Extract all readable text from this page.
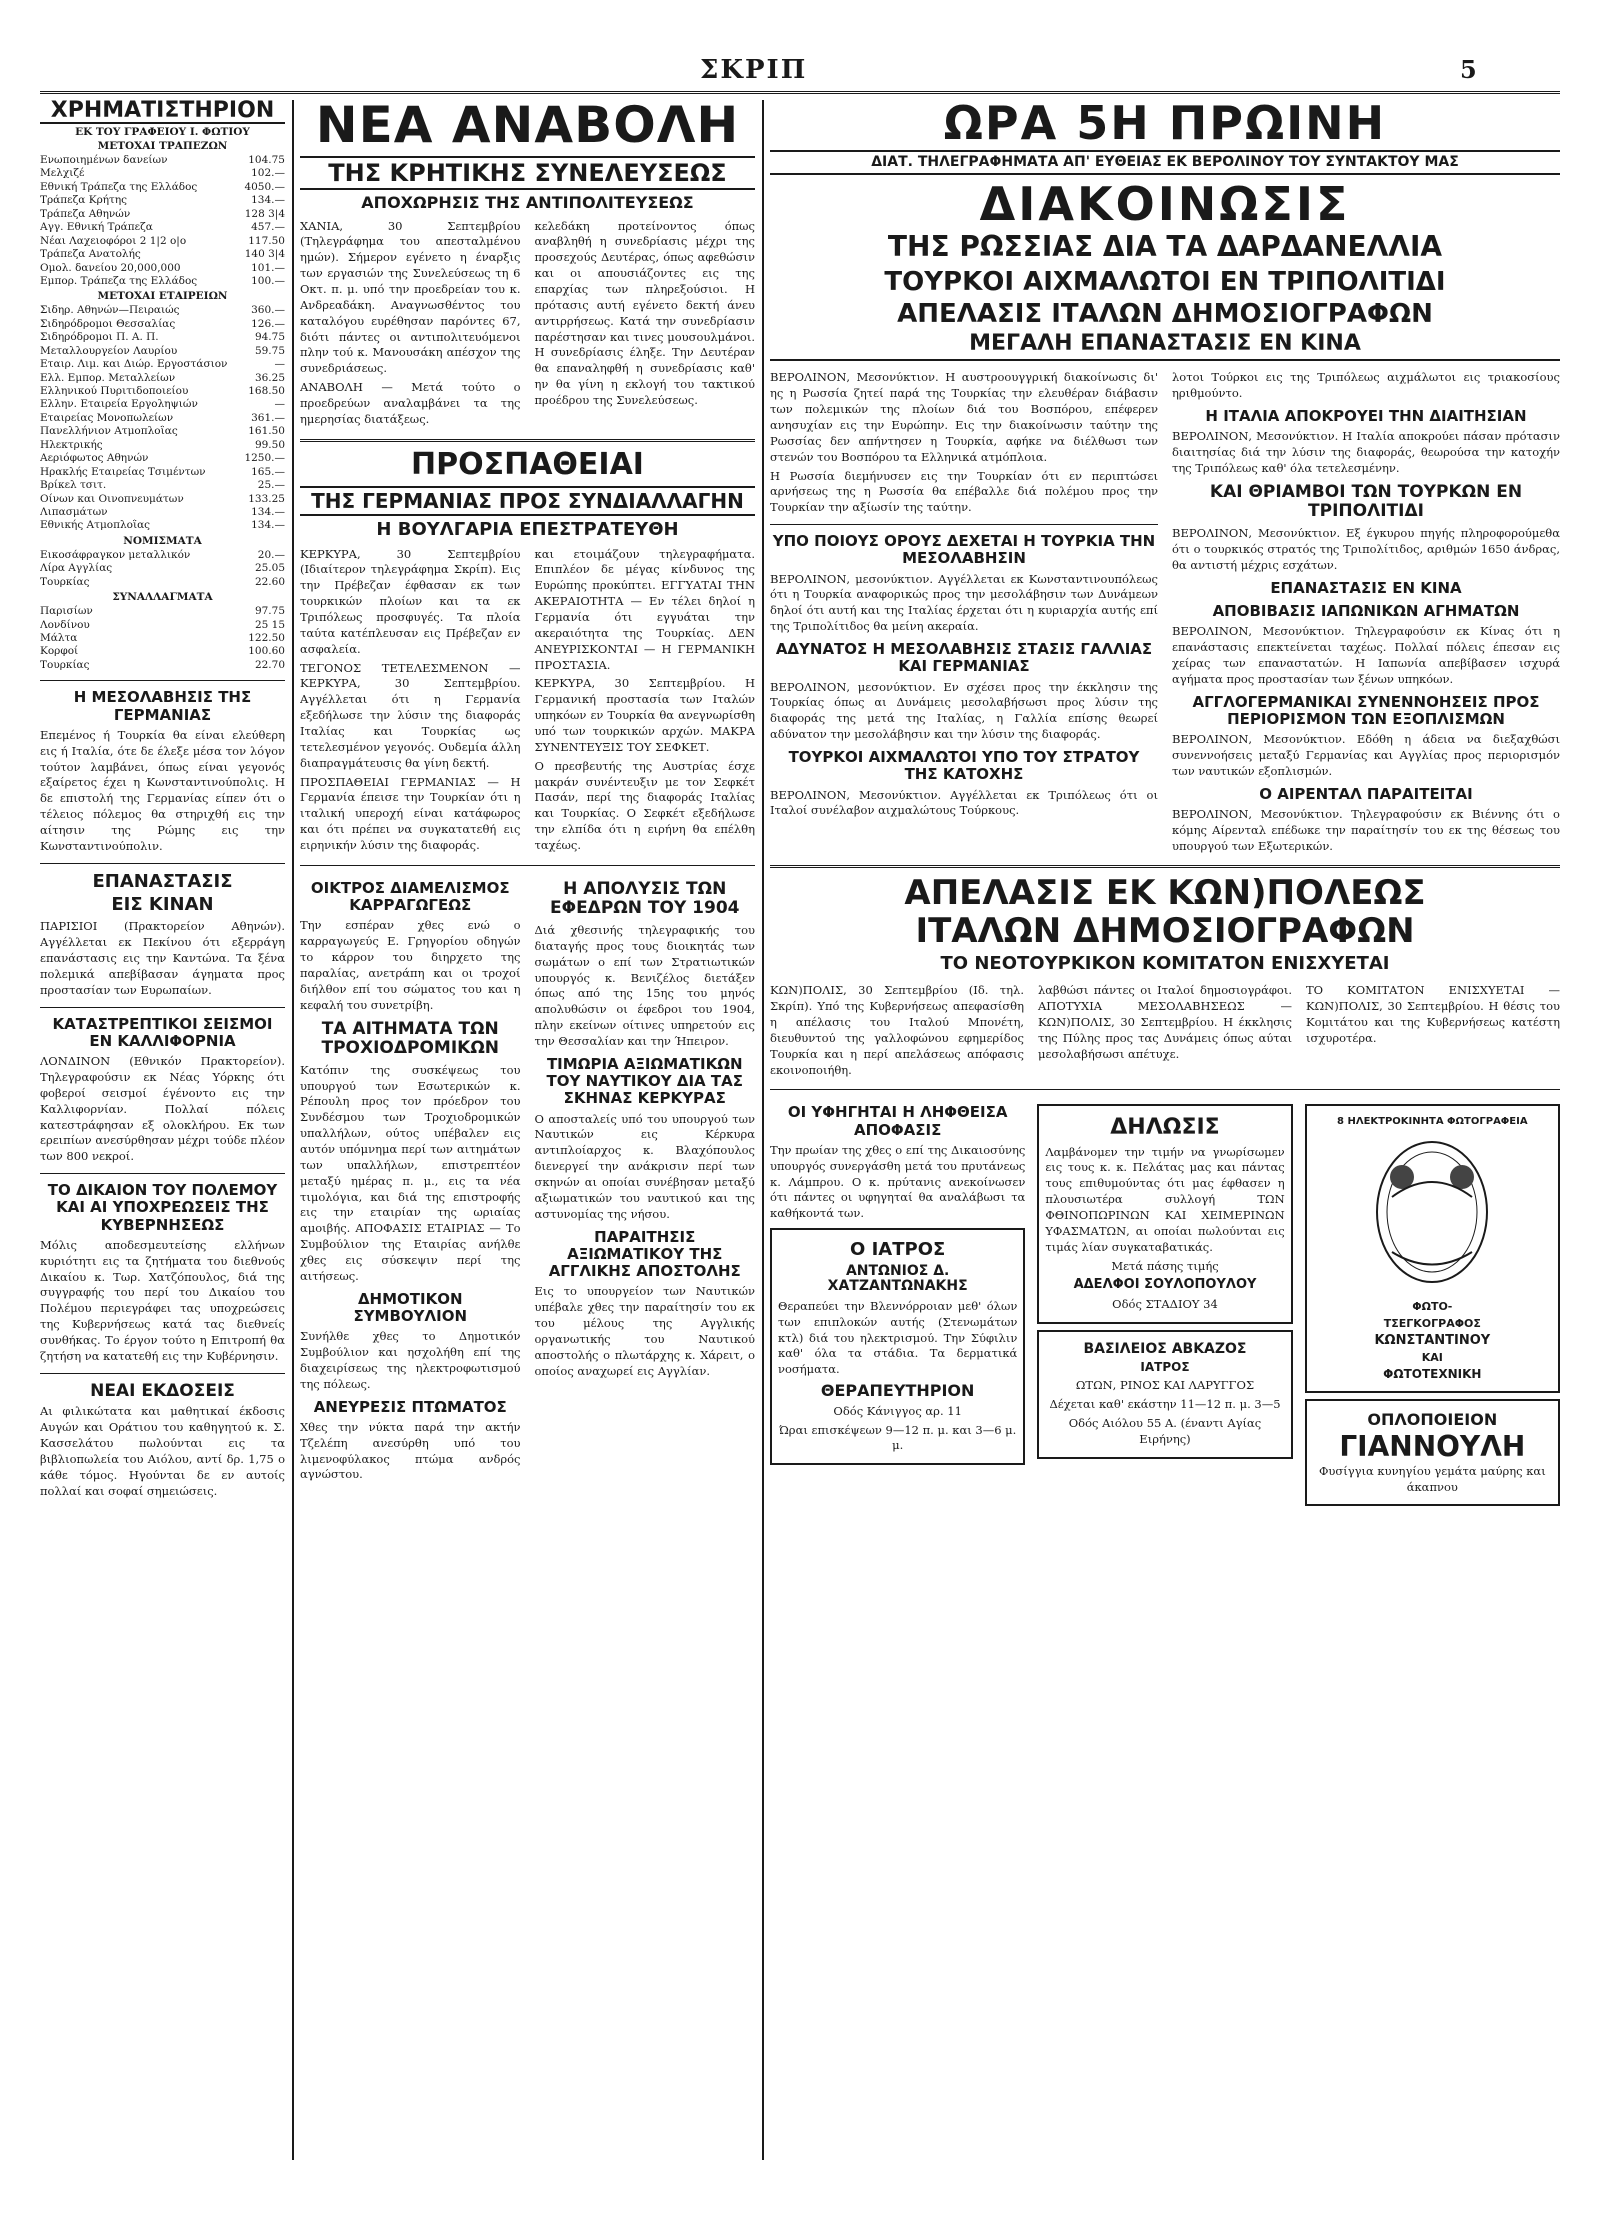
ΣΚΡΙΠ	5
ΧΡΗΜΑΤΙΣΤΗΡΙΟΝ
ΕΚ ΤΟΥ ΓΡΑΦΕΙΟΥ Ι. ΦΩΤΙΟΥ
ΜΕΤΟΧΑΙ ΤΡΑΠΕΖΩΝ
Ενωποιημένων δανείων	104.75
Μελχιζέ	102.—
Εθνική Τράπεζα της Ελλάδος	4050.—
Τράπεζα Κρήτης	134.—
Τράπεζα Αθηνών	128 3|4
Αγγ. Εθνική Τράπεζα	457.—
Νέαι Λαχειοφόροι 2 1|2 ο|ο	117.50
Τράπεζα Ανατολής	140 3|4
Ομολ. δανείου 20,000,000	101.—
Εμπορ. Τράπεζα της Ελλάδος	100.—
ΜΕΤΟΧΑΙ ΕΤΑΙΡΕΙΩΝ
Σιδηρ. Αθηνών—Πειραιώς	360.—
Σιδηρόδρομοι Θεσσαλίας	126.—
Σιδηρόδρομοι Π. Α. Π.	94.75
Μεταλλουργείον Λαυρίου	59.75
Εταιρ. Λιμ. και Διώρ. Εργοστάσιον	—
Ελλ. Εμπορ. Μεταλλείων	36.25
Ελληνικού Πυριτιδοποιείου	168.50
Ελλην. Εταιρεία Εργοληψιών	—
Εταιρείας Μονοπωλείων	361.—
Πανελλήνιον Ατμοπλοΐας	161.50
Ηλεκτρικής	99.50
Αεριόφωτος Αθηνών	1250.—
Ηρακλής Εταιρείας Τσιμέντων	165.—
Βρίκελ τσιτ.	25.—
Οίνων και Οινοπνευμάτων	133.25
Λιπασμάτων	134.—
Εθνικής Ατμοπλοΐας	134.—
ΝΟΜΙΣΜΑΤΑ
Εικοσάφραγκον μεταλλικόν	20.—
Λίρα Αγγλίας	25.05
Τουρκίας	22.60
ΣΥΝΑΛΛΑΓΜΑΤΑ
Παρισίων	97.75
Λονδίνου	25 15
Μάλτα	122.50
Κορφοί	100.60
Τουρκίας	22.70
Η ΜΕΣΟΛΑΒΗΣΙΣ ΤΗΣ ΓΕΡΜΑΝΙΑΣ

Επεμένος ή Τουρκία θα είναι ελεύθερη εις ή Ιταλία, ότε δε έλεξε μέσα τον λόγον τούτον λαμβάνει, όπως είναι γεγονός εξαίρετος έχει η Κωνσταντινούπολις. Η δε επιστολή της Γερμανίας είπεν ότι ο τέλειος πόλεμος θα στηριχθή εις την αίτησιν της Ρώμης εις την Κωνσταντινούπολιν.

ΕΠΑΝΑΣΤΑΣΙΣ
ΕΙΣ ΚΙΝΑΝ

ΠΑΡΙΣΙΟΙ (Πρακτορείον Αθηνών). Αγγέλλεται εκ Πεκίνου ότι εξερράγη επανάστασις εις την Καντώνα. Τα ξένα πολεμικά απεβίβασαν άγηματα προς προστασίαν των Ευρωπαίων.

ΚΑΤΑΣΤΡΕΠΤΙΚΟΙ ΣΕΙΣΜΟΙ ΕΝ ΚΑΛΛΙΦΟΡΝΙΑ

ΛΟΝΔΙΝΟΝ (Εθνικόν Πρακτορείον). Τηλεγραφούσιν εκ Νέας Υόρκης ότι φοβεροί σεισμοί έγένοντο εις την Καλλιφορνίαν. Πολλαί πόλεις κατεστράφησαν εξ ολοκλήρου. Εκ των ερειπίων ανεσύρθησαν μέχρι τούδε πλέον των 800 νεκροί.

ΤΟ ΔΙΚΑΙΟΝ ΤΟΥ ΠΟΛΕΜΟΥ ΚΑΙ ΑΙ ΥΠΟΧΡΕΩΣΕΙΣ ΤΗΣ ΚΥΒΕΡΝΗΣΕΩΣ

Μόλις αποδεσμευτείσης ελλήνων κυριότητι εις τα ζητήματα του διεθνούς Δικαίου κ. Τωρ. Χατζόπουλος, διά της συγγραφής του περί του Δικαίου του Πολέμου περιεγράφει τας υποχρεώσεις της Κυβερνήσεως κατά τας διεθνείς συνθήκας. Το έργον τούτο η Επιτροπή θα ζητήση να κατατεθή εις την Κυβέρνησιν.

ΝΕΑΙ ΕΚΔΟΣΕΙΣ

Αι φιλικώτατα και μαθητικαί έκδοσις Αυγών και Οράτιου του καθηγητού κ. Σ. Κασσελάτου πωλούνται εις τα βιβλιοπωλεία του Αιόλου, αντί δρ. 1,75 ο κάθε τόμος. Ηγούνται δε εν αυτοίς πολλαί και σοφαί σημειώσεις.

ΝΕΑ ΑΝΑΒΟΛΗ
ΤΗΣ ΚΡΗΤΙΚΗΣ ΣΥΝΕΛΕΥΣΕΩΣ
ΑΠΟΧΩΡΗΣΙΣ ΤΗΣ ΑΝΤΙΠΟΛΙΤΕΥΣΕΩΣ

ΧΑΝΙΑ, 30 Σεπτεμβρίου (Τηλεγράφημα του απεσταλμένου ημών). Σήμερον εγένετο η έναρξις των εργασιών της Συνελεύσεως τη 6 Οκτ. π. μ. υπό την προεδρείαν του κ. Ανδρεαδάκη. Αναγνωσθέντος του καταλόγου ευρέθησαν παρόντες 67, διότι πάντες οι αντιπολιτευόμενοι πλην τού κ. Μανουσάκη απέσχον της συνεδριάσεως.

ΑΝΑΒΟΛΗ — Μετά τούτο ο προεδρεύων αναλαμβάνει τα της ημερησίας διατάξεως.

κελεδάκη προτείνοντος όπως αναβληθή η συνεδρίασις μέχρι της προσεχούς Δευτέρας, όπως αφεθώσιν και οι απουσιάζοντες εις της επαρχίας των πληρεξούσιοι. Η πρότασις αυτή εγένετο δεκτή άνευ αντιρρήσεως. Κατά την συνεδρίασιν παρέστησαν και τινες μουσουλμάνοι. Η συνεδρίασις έληξε. Την Δευτέραν θα επαναληφθή η συνεδρίασις καθ' ην θα γίνη η εκλογή του τακτικού προέδρου της Συνελεύσεως.

ΠΡΟΣΠΑΘΕΙΑΙ
ΤΗΣ ΓΕΡΜΑΝΙΑΣ ΠΡΟΣ ΣΥΝΔΙΑΛΛΑΓΗΝ
Η ΒΟΥΛΓΑΡΙΑ ΕΠΕΣΤΡΑΤΕΥΘΗ

ΚΕΡΚΥΡΑ, 30 Σεπτεμβρίου (Ιδιαίτερον τηλεγράφημα Σκρίπ). Εις την Πρέβεζαν έφθασαν εκ των τουρκικών πλοίων και τα εκ Τριπόλεως προσφυγές. Τα πλοία ταύτα κατέπλευσαν εις Πρέβεζαν εν ασφαλεία.

ΤΕΓΟΝΟΣ ΤΕΤΕΛΕΣΜΕΝΟΝ — ΚΕΡΚΥΡΑ, 30 Σεπτεμβρίου. Αγγέλλεται ότι η Γερμανία εξεδήλωσε την λύσιν της διαφοράς Ιταλίας και Τουρκίας ως τετελεσμένον γεγονός. Ουδεμία άλλη διαπραγμάτευσις θα γίνη δεκτή.

ΠΡΟΣΠΑΘΕΙΑΙ ΓΕΡΜΑΝΙΑΣ — Η Γερμανία έπεισε την Τουρκίαν ότι η ιταλική υπεροχή είναι κατάφωρος και ότι πρέπει να συγκατατεθή εις ειρηνικήν λύσιν της διαφοράς.

και ετοιμάζουν τηλεγραφήματα. Επιπλέον δε μέγας κίνδυνος της Ευρώπης προκύπτει. ΕΓΓΥΑΤΑΙ ΤΗΝ ΑΚΕΡΑΙΟΤΗΤΑ — Εν τέλει δηλοί η Γερμανία ότι εγγυάται την ακεραιότητα της Τουρκίας. ΔΕΝ ΑΝΕΥΡΙΣΚΟΝΤΑΙ — Η ΓΕΡΜΑΝΙΚΗ ΠΡΟΣΤΑΣΙΑ.

ΚΕΡΚΥΡΑ, 30 Σεπτεμβρίου. Η Γερμανική προστασία των Ιταλών υπηκόων εν Τουρκία θα ανεγνωρίσθη υπό των τουρκικών αρχών. ΜΑΚΡΑ ΣΥΝΕΝΤΕΥΞΙΣ ΤΟΥ ΣΕΦΚΕΤ.

Ο πρεσβευτής της Αυστρίας έσχε μακράν συνέντευξιν με τον Σεφκέτ Πασάν, περί της διαφοράς Ιταλίας και Τουρκίας. Ο Σεφκέτ εξεδήλωσε την ελπίδα ότι η ειρήνη θα επέλθη ταχέως.

ΟΙΚΤΡΟΣ ΔΙΑΜΕΛΙΣΜΟΣ ΚΑΡΡΑΓΩΓΕΩΣ

Την εσπέραν χθες ενώ ο καρραγωγεύς Ε. Γρηγορίου οδηγών το κάρρον του διηρχετο της παραλίας, ανετράπη και οι τροχοί διήλθον επί του σώματος του και η κεφαλή του συνετρίβη.

ΤΑ ΑΙΤΗΜΑΤΑ ΤΩΝ ΤΡΟΧΙΟΔΡΟΜΙΚΩΝ

Κατόπιν της συσκέψεως του υπουργού των Εσωτερικών κ. Ρέπουλη προς τον πρόεδρον του Συνδέσμου των Τροχιοδρομικών υπαλλήλων, ούτος υπέβαλεν εις αυτόν υπόμνημα περί των αιτημάτων των υπαλλήλων, επιστρεπτέον μεταξύ ημέρας π. μ., εις τα νέα τιμολόγια, και διά της επιστροφής εις την εταιρίαν της ωριαίας αμοιβής. ΑΠΟΦΑΣΙΣ ΕΤΑΙΡΙΑΣ — Το Συμβούλιον της Εταιρίας ανήλθε χθες εις σύσκεψιν περί της αιτήσεως.

ΔΗΜΟΤΙΚΟΝ ΣΥΜΒΟΥΛΙΟΝ

Συνήλθε χθες το Δημοτικόν Συμβούλιον και ησχολήθη επί της διαχειρίσεως της ηλεκτροφωτισμού της πόλεως.

ΑΝΕΥΡΕΣΙΣ ΠΤΩΜΑΤΟΣ

Χθες την νύκτα παρά την ακτήν Τζελέπη ανεσύρθη υπό του λιμενοφύλακος πτώμα ανδρός αγνώστου.

Η ΑΠΟΛΥΣΙΣ ΤΩΝ ΕΦΕΔΡΩΝ ΤΟΥ 1904

Διά χθεσινής τηλεγραφικής του διαταγής προς τους διοικητάς των σωμάτων ο επί των Στρατιωτικών υπουργός κ. Βενιζέλος διετάξεν όπως από της 15ης του μηνός απολυθώσιν οι έφεδροι του 1904, πλην εκείνων οίτινες υπηρετούν εις την Θεσσαλίαν και την Ήπειρον.

ΤΙΜΩΡΙΑ ΑΞΙΩΜΑΤΙΚΩΝ ΤΟΥ ΝΑΥΤΙΚΟΥ ΔΙΑ ΤΑΣ ΣΚΗΝΑΣ ΚΕΡΚΥΡΑΣ

Ο αποσταλείς υπό του υπουργού των Ναυτικών εις Κέρκυρα αντιπλοίαρχος κ. Βλαχόπουλος διενεργεί την ανάκρισιν περί των σκηνών αι οποίαι συνέβησαν μεταξύ αξιωματικών του ναυτικού και της αστυνομίας της νήσου.

ΠΑΡΑΙΤΗΣΙΣ ΑΞΙΩΜΑΤΙΚΟΥ ΤΗΣ ΑΓΓΛΙΚΗΣ ΑΠΟΣΤΟΛΗΣ

Εις το υπουργείον των Ναυτικών υπέβαλε χθες την παραίτησίν του εκ του μέλους της Αγγλικής οργανωτικής του Ναυτικού αποστολής ο πλωτάρχης κ. Χάρειτ, ο οποίος αναχωρεί εις Αγγλίαν.

ΩΡΑ 5Η ΠΡΩΙΝΗ
ΔΙΑΤ. ΤΗΛΕΓΡΑΦΗΜΑΤΑ ΑΠ' ΕΥΘΕΙΑΣ ΕΚ ΒΕΡΟΛΙΝΟΥ ΤΟΥ ΣΥΝΤΑΚΤΟΥ ΜΑΣ
ΔΙΑΚΟΙΝΩΣΙΣ
ΤΗΣ ΡΩΣΣΙΑΣ ΔΙΑ ΤΑ ΔΑΡΔΑΝΕΛΛΙΑ
ΤΟΥΡΚΟΙ ΑΙΧΜΑΛΩΤΟΙ ΕΝ ΤΡΙΠΟΛΙΤΙΔΙ
ΑΠΕΛΑΣΙΣ ΙΤΑΛΩΝ ΔΗΜΟΣΙΟΓΡΑΦΩΝ
ΜΕΓΑΛΗ ΕΠΑΝΑΣΤΑΣΙΣ ΕΝ ΚΙΝΑ

ΒΕΡΟΛΙΝΟΝ, Μεσονύκτιον. Η αυστροουγγρική διακοίνωσις δι' ης η Ρωσσία ζητεί παρά της Τουρκίας την ελευθέραν διάβασιν των πολεμικών της πλοίων διά του Βοσπόρου, επέφερεν ανησυχίαν εις την Ευρώπην. Εις την διακοίνωσιν ταύτην της Ρωσσίας δεν απήντησεν η Τουρκία, αφήκε να διέλθωσι των στενών του Βοσπόρου τα Ελληνικά ατμόπλοια.

Η Ρωσσία διεμήνυσεν εις την Τουρκίαν ότι εν περιπτώσει αρνήσεως της η Ρωσσία θα επέβαλλε διά πολέμου προς την Τουρκίαν την αξίωσίν της ταύτην.

ΥΠΟ ΠΟΙΟΥΣ ΟΡΟΥΣ ΔΕΧΕΤΑΙ Η ΤΟΥΡΚΙΑ ΤΗΝ ΜΕΣΟΛΑΒΗΣΙΝ

ΒΕΡΟΛΙΝΟΝ, μεσονύκτιον. Αγγέλλεται εκ Κωνσταντινουπόλεως ότι η Τουρκία αναφορικώς προς την μεσολάβησιν των Δυνάμεων δηλοί ότι αυτή και της Ιταλίας έρχεται ότι η κυριαρχία αυτής επί της Τριπολίτιδος θα μείνη ακεραία.

ΑΔΥΝΑΤΟΣ Η ΜΕΣΟΛΑΒΗΣΙΣ ΣΤΑΣΙΣ ΓΑΛΛΙΑΣ ΚΑΙ ΓΕΡΜΑΝΙΑΣ

ΒΕΡΟΛΙΝΟΝ, μεσονύκτιον. Εν σχέσει προς την έκκλησιν της Τουρκίας όπως αι Δυνάμεις μεσολαβήσωσι προς λύσιν της διαφοράς της μετά της Ιταλίας, η Γαλλία επίσης θεωρεί αδύνατον την μεσολάβησιν και την λύσιν της διαφοράς.

ΤΟΥΡΚΟΙ ΑΙΧΜΑΛΩΤΟΙ ΥΠΟ ΤΟΥ ΣΤΡΑΤΟΥ ΤΗΣ ΚΑΤΟΧΗΣ

ΒΕΡΟΛΙΝΟΝ, Μεσονύκτιον. Αγγέλλεται εκ Τριπόλεως ότι οι Ιταλοί συνέλαβον αιχμαλώτους Τούρκους.

λοτοι Τούρκοι εις της Τριπόλεως αιχμάλωτοι εις τριακοσίους ηριθμούντο.

Η ΙΤΑΛΙΑ ΑΠΟΚΡΟΥΕΙ ΤΗΝ ΔΙΑΙΤΗΣΙΑΝ

ΒΕΡΟΛΙΝΟΝ, Μεσονύκτιον. Η Ιταλία αποκρούει πάσαν πρότασιν διαιτησίας διά την λύσιν της διαφοράς, θεωρούσα την κατοχήν της Τριπόλεως καθ' όλα τετελεσμένην.

ΚΑΙ ΘΡΙΑΜΒΟΙ ΤΩΝ ΤΟΥΡΚΩΝ ΕΝ ΤΡΙΠΟΛΙΤΙΔΙ

ΒΕΡΟΛΙΝΟΝ, Μεσονύκτιον. Εξ έγκυρου πηγής πληροφορούμεθα ότι ο τουρκικός στρατός της Τριπολίτιδος, αριθμών 1650 άνδρας, θα αντιστή μέχρις εσχάτων.

ΕΠΑΝΑΣΤΑΣΙΣ ΕΝ ΚΙΝΑ
ΑΠΟΒΙΒΑΣΙΣ ΙΑΠΩΝΙΚΩΝ ΑΓΗΜΑΤΩΝ

ΒΕΡΟΛΙΝΟΝ, Μεσονύκτιον. Τηλεγραφούσιν εκ Κίνας ότι η επανάστασις επεκτείνεται ταχέως. Πολλαί πόλεις έπεσαν εις χείρας των επαναστατών. Η Ιαπωνία απεβίβασεν ισχυρά αγήματα προς προστασίαν των ξένων υπηκόων.

ΑΓΓΛΟΓΕΡΜΑΝΙΚΑΙ ΣΥΝΕΝΝΟΗΣΕΙΣ ΠΡΟΣ ΠΕΡΙΟΡΙΣΜΟΝ ΤΩΝ ΕΞΟΠΛΙΣΜΩΝ

ΒΕΡΟΛΙΝΟΝ, Μεσονύκτιον. Εδόθη η άδεια να διεξαχθώσι συνεννοήσεις μεταξύ Γερμανίας και Αγγλίας προς περιορισμόν των ναυτικών εξοπλισμών.

Ο ΑΙΡΕΝΤΑΛ ΠΑΡΑΙΤΕΙΤΑΙ

ΒΕΡΟΛΙΝΟΝ, Μεσονύκτιον. Τηλεγραφούσιν εκ Βιέννης ότι ο κόμης Αίρενταλ επέδωκε την παραίτησίν του εκ της θέσεως του υπουργού των Εξωτερικών.

ΑΠΕΛΑΣΙΣ ΕΚ ΚΩΝ)ΠΟΛΕΩΣ
ΙΤΑΛΩΝ ΔΗΜΟΣΙΟΓΡΑΦΩΝ
ΤΟ ΝΕΟΤΟΥΡΚΙΚΟΝ ΚΟΜΙΤΑΤΟΝ ΕΝΙΣΧΥΕΤΑΙ

ΚΩΝ)ΠΟΛΙΣ, 30 Σεπτεμβρίου (Ιδ. τηλ. Σκρίπ). Υπό της Κυβερνήσεως απεφασίσθη η απέλασις του Ιταλού Μπονέτη, διευθυντού της γαλλοφώνου εφημερίδος Τουρκία και η περί απελάσεως απόφασις εκοινοποιήθη.

λαβθώσι πάντες οι Ιταλοί δημοσιογράφοι. ΑΠΟΤΥΧΙΑ ΜΕΣΟΛΑΒΗΣΕΩΣ — ΚΩΝ)ΠΟΛΙΣ, 30 Σεπτεμβρίου. Η έκκλησις της Πύλης προς τας Δυνάμεις όπως αύται μεσολαβήσωσι απέτυχε.

ΤΟ ΚΟΜΙΤΑΤΟΝ ΕΝΙΣΧΥΕΤΑΙ — ΚΩΝ)ΠΟΛΙΣ, 30 Σεπτεμβρίου. Η θέσις του Κομιτάτου και της Κυβερνήσεως κατέστη ισχυροτέρα.

ΟΙ ΥΦΗΓΗΤΑΙ Η ΛΗΦΘΕΙΣΑ ΑΠΟΦΑΣΙΣ

Την πρωίαν της χθες ο επί της Δικαιοσύνης υπουργός συνεργάσθη μετά του πρυτάνεως κ. Λάμπρου. Ο κ. πρύτανις ανεκοίνωσεν ότι πάντες οι υφηγηταί θα αναλάβωσι τα καθήκοντά των.

Ο ΙΑΤΡΟΣ
ΑΝΤΩΝΙΟΣ Δ. ΧΑΤΖΑΝΤΩΝΑΚΗΣ

Θεραπεύει την Βλεννόρροιαν μεθ' όλων των επιπλοκών αυτής (Στενωμάτων κτλ) διά του ηλεκτρισμού. Την Σύφιλιν καθ' όλα τα στάδια. Τα δερματικά νοσήματα.

ΘΕΡΑΠΕΥΤΗΡΙΟΝ

Οδός Κάνιγγος αρ. 11

Ώραι επισκέψεων 9—12 π. μ. και 3—6 μ. μ.

ΔΗΛΩΣΙΣ

Λαμβάνομεν την τιμήν να γνωρίσωμεν εις τους κ. κ. Πελάτας μας και πάντας τους επιθυμούντας ότι μας έφθασεν η πλουσιωτέρα συλλογή ΤΩΝ ΦΘΙΝΟΠΩΡΙΝΩΝ ΚΑΙ ΧΕΙΜΕΡΙΝΩΝ ΥΦΑΣΜΑΤΩΝ, αι οποίαι πωλούνται εις τιμάς λίαν συγκαταβατικάς.

Μετά πάσης τιμής

ΑΔΕΛΦΟΙ ΣΟΥΛΟΠΟΥΛΟΥ

Οδός ΣΤΑΔΙΟΥ 34

ΒΑΣΙΛΕΙΟΣ ΑΒΚΑΖΟΣ
ΙΑΤΡΟΣ

ΩΤΩΝ, ΡΙΝΟΣ ΚΑΙ ΛΑΡΥΓΓΟΣ

Δέχεται καθ' εκάστην 11—12 π. μ. 3—5

Οδός Αιόλου 55 Α. (έναντι Αγίας Ειρήνης)

8 ΗΛΕΚΤΡΟΚΙΝΗΤΑ ΦΩΤΟΓΡΑΦΕΙΑ
ΦΩΤΟ-
ΤΣΕΓΚΟΓΡΑΦΟΣ
ΚΩΝΣΤΑΝΤΙΝΟΥ
ΚΑΙ
ΦΩΤΟΤΕΧΝΙΚΗ
ΟΠΛΟΠΟΙΕΙΟΝ
ΓΙΑΝΝΟΥΛΗ

Φυσίγγια κυνηγίου γεμάτα μαύρης και άκαπνου
